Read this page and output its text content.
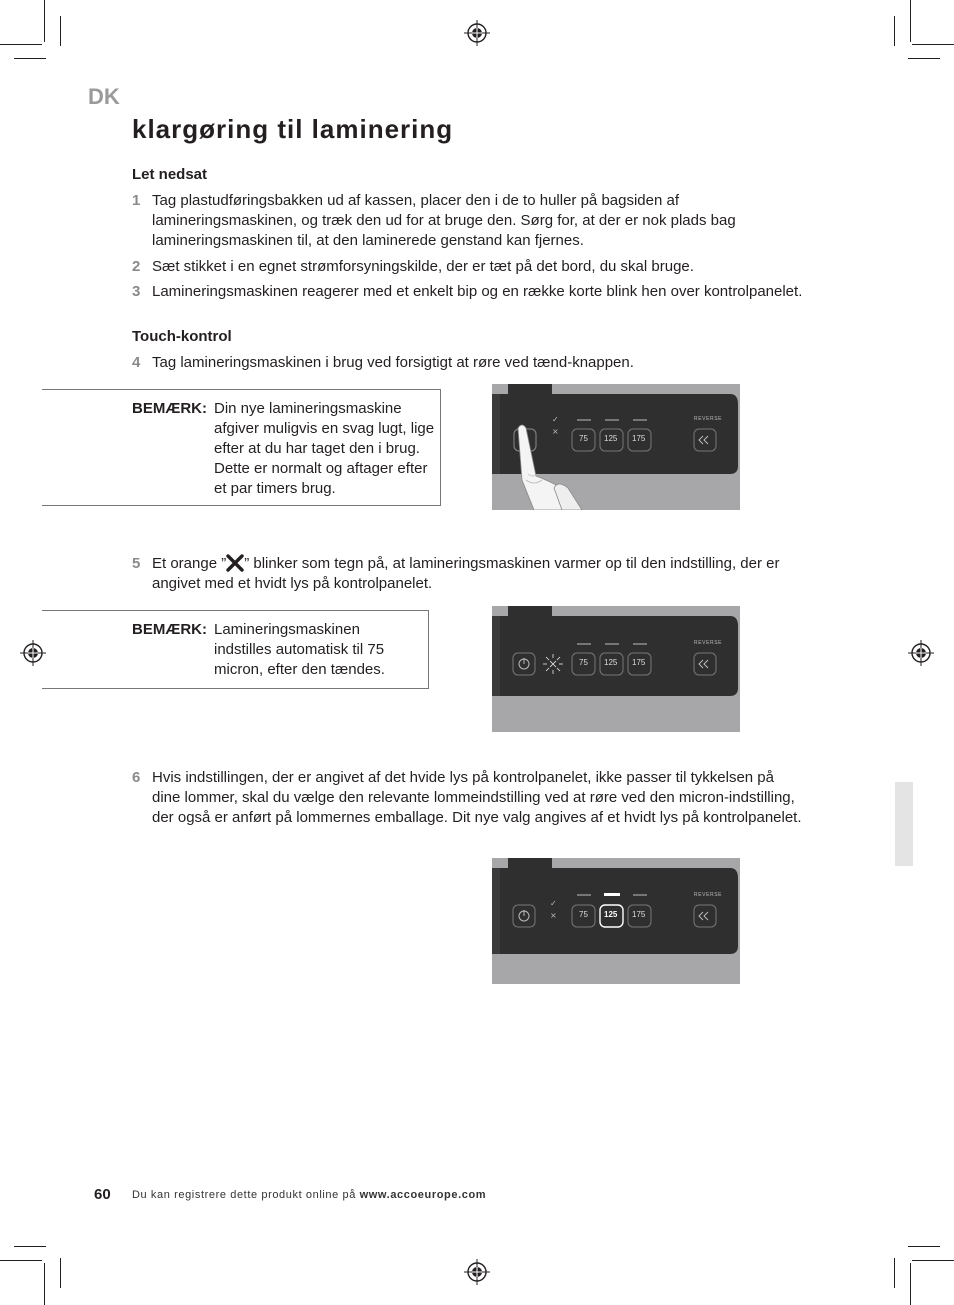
DK
klargøring til laminering
Let nedsat
1 Tag plastudføringsbakken ud af kassen, placer den i de to huller på bagsiden af lamineringsmaskinen, og træk den ud for at bruge den. Sørg for, at der er nok plads bag lamineringsmaskinen til, at den laminerede genstand kan fjernes.
2 Sæt stikket i en egnet strømforsyningskilde, der er tæt på det bord, du skal bruge.
3 Lamineringsmaskinen reagerer med et enkelt bip og en række korte blink hen over kontrolpanelet.
Touch-kontrol
4 Tag lamineringsmaskinen i brug ved forsigtigt at røre ved tænd-knappen.
BEMÆRK: Din nye lamineringsmaskine afgiver muligvis en svag lugt, lige efter at du har taget den i brug. Dette er normalt og aftager efter et par timers brug.
✓
×
REVERSE
75 125 175
5 Et orange ” ” blinker som tegn på, at lamineringsmaskinen varmer op til den indstilling, der er angivet med et hvidt lys på kontrolpanelet.
BEMÆRK: Lamineringsmaskinen indstilles automatisk til 75 micron, efter den tændes.
REVERSE
75 125 175
6 Hvis indstillingen, der er angivet af det hvide lys på kontrolpanelet, ikke passer til tykkelsen på dine lommer, skal du vælge den relevante lommeindstilling ved at røre ved den micron-indstilling, der også er anført på lommernes emballage. Dit nye valg angives af et hvidt lys på kontrolpanelet.
✓
×
REVERSE
75 125 175
60 Du kan registrere dette produkt online på www.accoeurope.com
